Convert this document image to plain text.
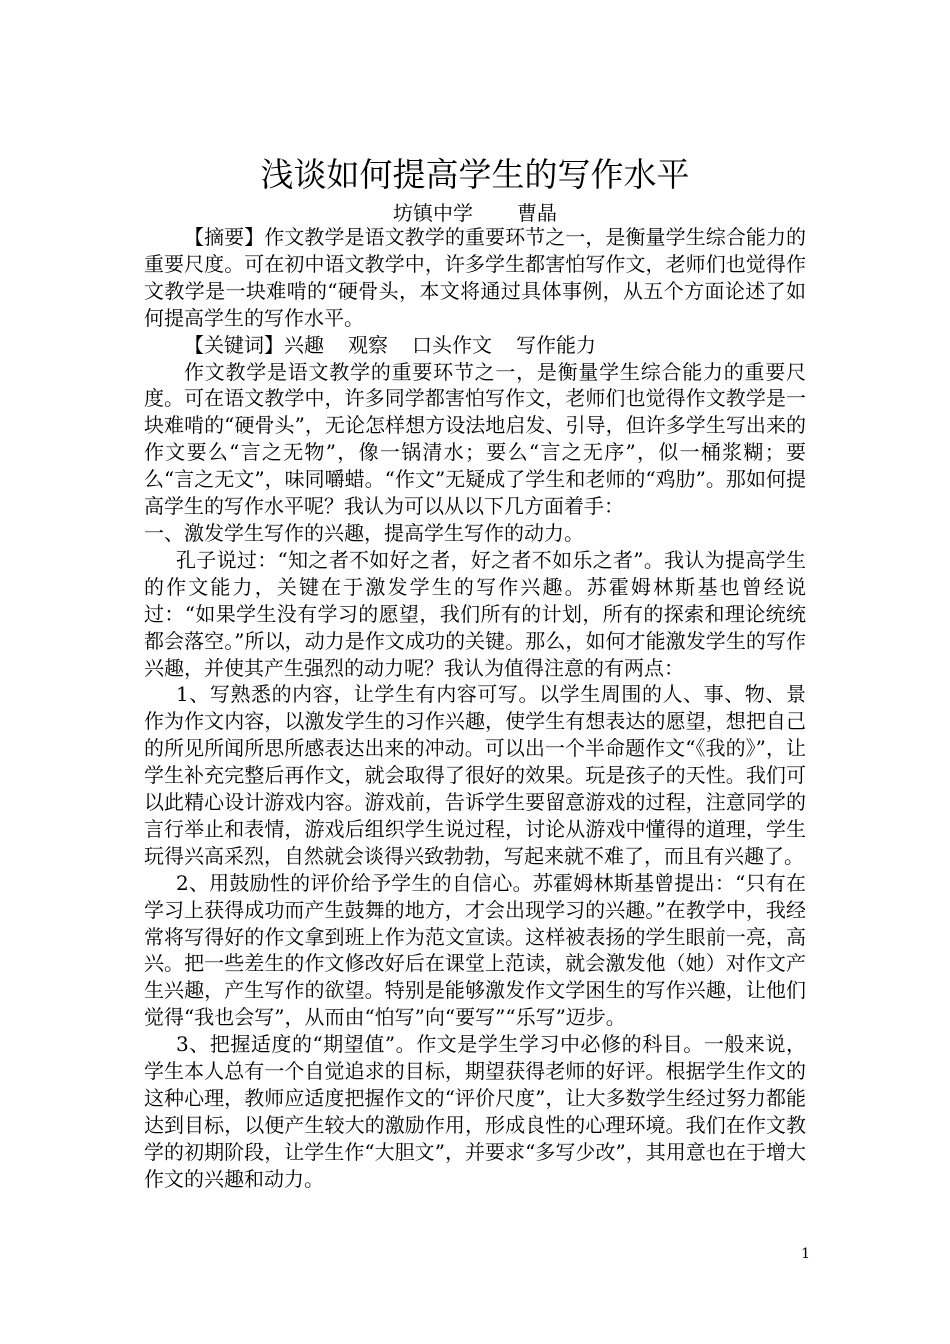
浅谈如何提高学生的写作水平
坊镇中学 曹晶

【摘要】作文教学是语文教学的重要环节之一，是衡量学生综合能力的重要尺度。可在初中语文教学中，许多学生都害怕写作文，老师们也觉得作文教学是一块难啃的“硬骨头，本文将通过具体事例，从五个方面论述了如何提高学生的写作水平。

【关键词】兴趣 观察 口头作文 写作能力

作文教学是语文教学的重要环节之一，是衡量学生综合能力的重要尺度。可在语文教学中，许多同学都害怕写作文，老师们也觉得作文教学是一块难啃的“硬骨头”，无论怎样想方设法地启发、引导，但许多学生写出来的作文要么“言之无物”，像一锅清水；要么“言之无序”，似一桶浆糊；要么“言之无文”，味同嚼蜡。“作文”无疑成了学生和老师的“鸡肋”。那如何提高学生的写作水平呢？我认为可以从以下几方面着手：

一、激发学生写作的兴趣，提高学生写作的动力。

孔子说过：“知之者不如好之者，好之者不如乐之者”。我认为提高学生的作文能力，关键在于激发学生的写作兴趣。苏霍姆林斯基也曾经说过：“如果学生没有学习的愿望，我们所有的计划，所有的探索和理论统统都会落空。”所以，动力是作文成功的关键。那么，如何才能激发学生的写作兴趣，并使其产生强烈的动力呢？我认为值得注意的有两点：

1、写熟悉的内容，让学生有内容可写。以学生周围的人、事、物、景作为作文内容，以激发学生的习作兴趣，使学生有想表达的愿望，想把自己的所见所闻所思所感表达出来的冲动。可以出一个半命题作文“《我的》”，让学生补充完整后再作文，就会取得了很好的效果。玩是孩子的天性。我们可以此精心设计游戏内容。游戏前，告诉学生要留意游戏的过程，注意同学的言行举止和表情，游戏后组织学生说过程，讨论从游戏中懂得的道理，学生玩得兴高采烈，自然就会谈得兴致勃勃，写起来就不难了，而且有兴趣了。

2、用鼓励性的评价给予学生的自信心。苏霍姆林斯基曾提出：“只有在学习上获得成功而产生鼓舞的地方，才会出现学习的兴趣。”在教学中，我经常将写得好的作文拿到班上作为范文宣读。这样被表扬的学生眼前一亮，高兴。把一些差生的作文修改好后在课堂上范读，就会激发他（她）对作文产生兴趣，产生写作的欲望。特别是能够激发作文学困生的写作兴趣，让他们觉得“我也会写”，从而由“怕写”向“要写”“乐写”迈步。

3、把握适度的“期望值”。作文是学生学习中必修的科目。一般来说，学生本人总有一个自觉追求的目标，期望获得老师的好评。根据学生作文的这种心理，教师应适度把握作文的“评价尺度”，让大多数学生经过努力都能达到目标，以便产生较大的激励作用，形成良性的心理环境。我们在作文教学的初期阶段，让学生作“大胆文”，并要求“多写少改”，其用意也在于增大作文的兴趣和动力。

1
